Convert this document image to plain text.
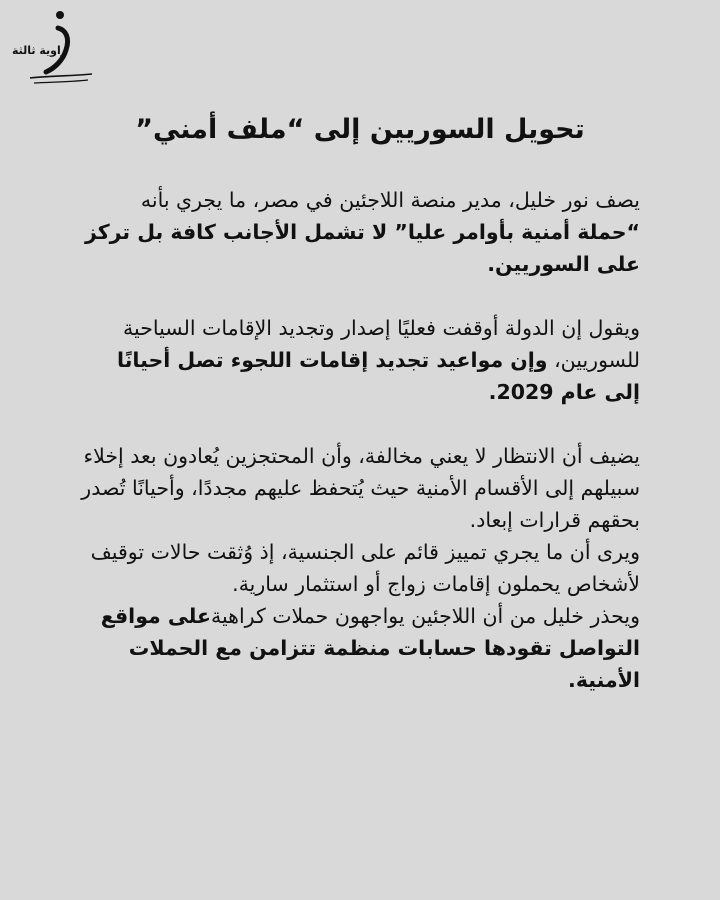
زاوية ثالثة
تحويل السوريين إلى “ملف أمني”

يصف نور خليل، مدير منصة اللاجئين في مصر، ما يجري بأنه “حملة أمنية بأوامر عليا” لا تشمل الأجانب كافة بل تركز على السوريين.

ويقول إن الدولة أوقفت فعليًا إصدار وتجديد الإقامات السياحية للسوريين، وإن مواعيد تجديد إقامات اللجوء تصل أحيانًا إلى عام 2029.

يضيف أن الانتظار لا يعني مخالفة، وأن المحتجزين يُعادون بعد إخلاء سبيلهم إلى الأقسام الأمنية حيث يُتحفظ عليهم مجددًا، وأحيانًا تُصدر بحقهم قرارات إبعاد.

ويرى أن ما يجري تمييز قائم على الجنسية، إذ وُثقت حالات توقيف لأشخاص يحملون إقامات زواج أو استثمار سارية.

ويحذر خليل من أن اللاجئين يواجهون حملات كراهيةعلى مواقع التواصل تقودها حسابات منظمة تتزامن مع الحملات الأمنية.
